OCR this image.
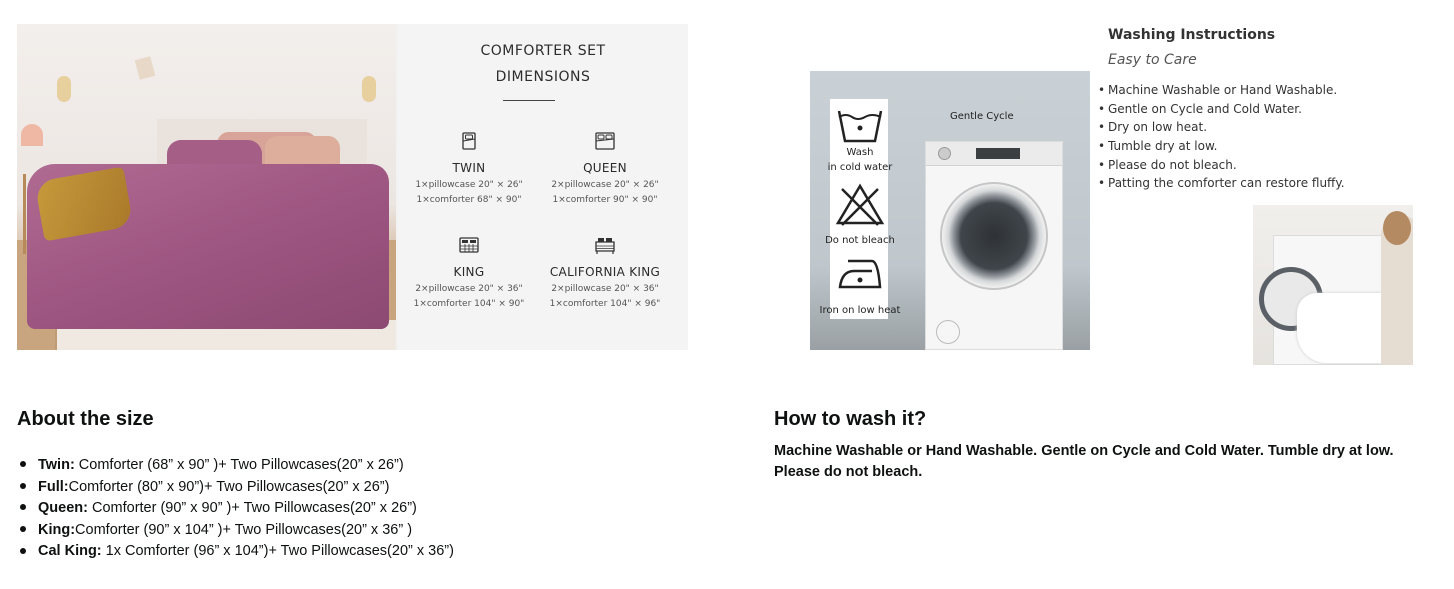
COMFORTER SET
DIMENSIONS
TWIN
1×pillowcase 20" × 26"
1×comforter 68" × 90"
QUEEN
2×pillowcase 20" × 26"
1×comforter 90" × 90"
KING
2×pillowcase 20" × 36"
1×comforter 104" × 90"
CALIFORNIA KING
2×pillowcase 20" × 36"
1×comforter 104" × 96"
Wash
in cold water
Do not bleach
Iron on low heat
Gentle Cycle
Washing Instructions
Easy to Care
• Machine Washable or Hand Washable.
• Gentle on Cycle and Cold Water.
• Dry on low heat.
• Tumble dry at low.
• Please do not bleach.
• Patting the comforter can restore fluffy.
About the size
Twin: Comforter (68” x 90” )+ Two Pillowcases(20” x 26”)
Full:Comforter (80” x 90”)+ Two Pillowcases(20” x 26”)
Queen: Comforter (90” x 90” )+ Two Pillowcases(20” x 26”)
King:Comforter (90” x 104” )+ Two Pillowcases(20” x 36” )
Cal King: 1x Comforter (96” x 104”)+ Two Pillowcases(20” x 36”)
How to wash it?

Machine Washable or Hand Washable. Gentle on Cycle and Cold Water. Tumble dry at low. Please do not bleach.
